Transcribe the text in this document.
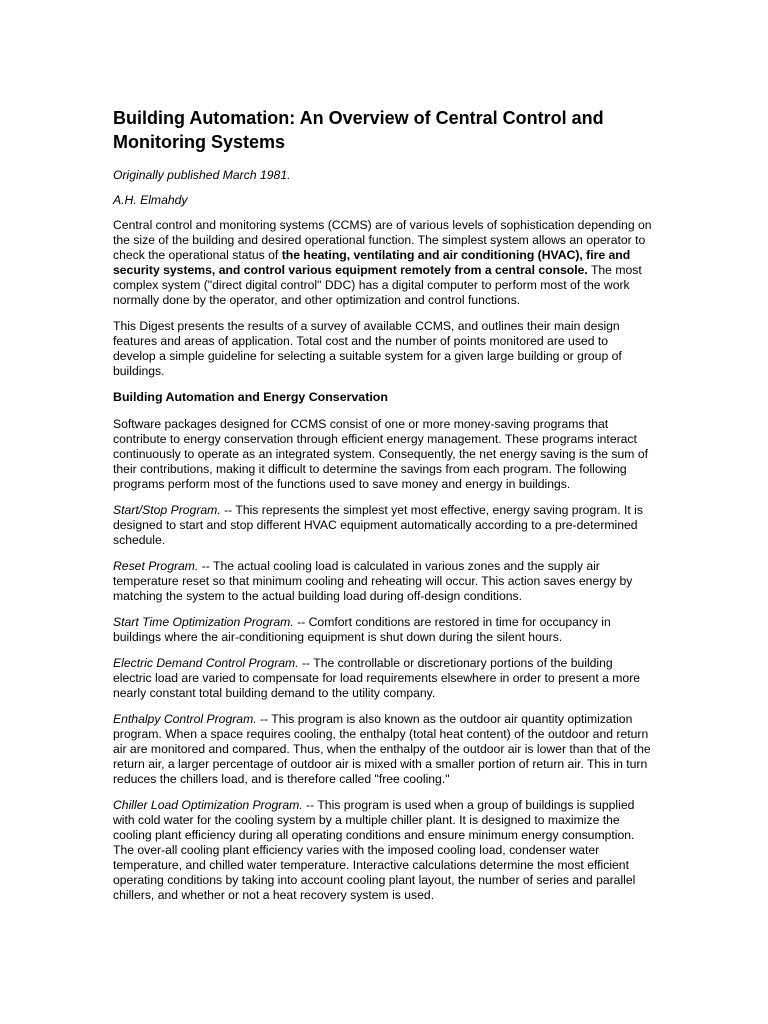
Building Automation: An Overview of Central Control and Monitoring Systems

Originally published March 1981.

A.H. Elmahdy

Central control and monitoring systems (CCMS) are of various levels of sophistication depending on the size of the building and desired operational function. The simplest system allows an operator to check the operational status of the heating, ventilating and air conditioning (HVAC), fire and security systems, and control various equipment remotely from a central console. The most complex system ("direct digital control" DDC) has a digital computer to perform most of the work normally done by the operator, and other optimization and control functions.

This Digest presents the results of a survey of available CCMS, and outlines their main design features and areas of application. Total cost and the number of points monitored are used to develop a simple guideline for selecting a suitable system for a given large building or group of buildings.

Building Automation and Energy Conservation

Software packages designed for CCMS consist of one or more money-saving programs that contribute to energy conservation through efficient energy management. These programs interact continuously to operate as an integrated system. Consequently, the net energy saving is the sum of their contributions, making it difficult to determine the savings from each program. The following programs perform most of the functions used to save money and energy in buildings.

Start/Stop Program. -- This represents the simplest yet most effective, energy saving program. It is designed to start and stop different HVAC equipment automatically according to a pre-determined schedule.

Reset Program. -- The actual cooling load is calculated in various zones and the supply air temperature reset so that minimum cooling and reheating will occur. This action saves energy by matching the system to the actual building load during off-design conditions.

Start Time Optimization Program. -- Comfort conditions are restored in time for occupancy in buildings where the air-conditioning equipment is shut down during the silent hours.

Electric Demand Control Program. -- The controllable or discretionary portions of the building electric load are varied to compensate for load requirements elsewhere in order to present a more nearly constant total building demand to the utility company.

Enthalpy Control Program. -- This program is also known as the outdoor air quantity optimization program. When a space requires cooling, the enthalpy (total heat content) of the outdoor and return air are monitored and compared. Thus, when the enthalpy of the outdoor air is lower than that of the return air, a larger percentage of outdoor air is mixed with a smaller portion of return air. This in turn reduces the chillers load, and is therefore called "free cooling."

Chiller Load Optimization Program. -- This program is used when a group of buildings is supplied with cold water for the cooling system by a multiple chiller plant. It is designed to maximize the cooling plant efficiency during all operating conditions and ensure minimum energy consumption. The over-all cooling plant efficiency varies with the imposed cooling load, condenser water temperature, and chilled water temperature. Interactive calculations determine the most efficient operating conditions by taking into account cooling plant layout, the number of series and parallel chillers, and whether or not a heat recovery system is used.
